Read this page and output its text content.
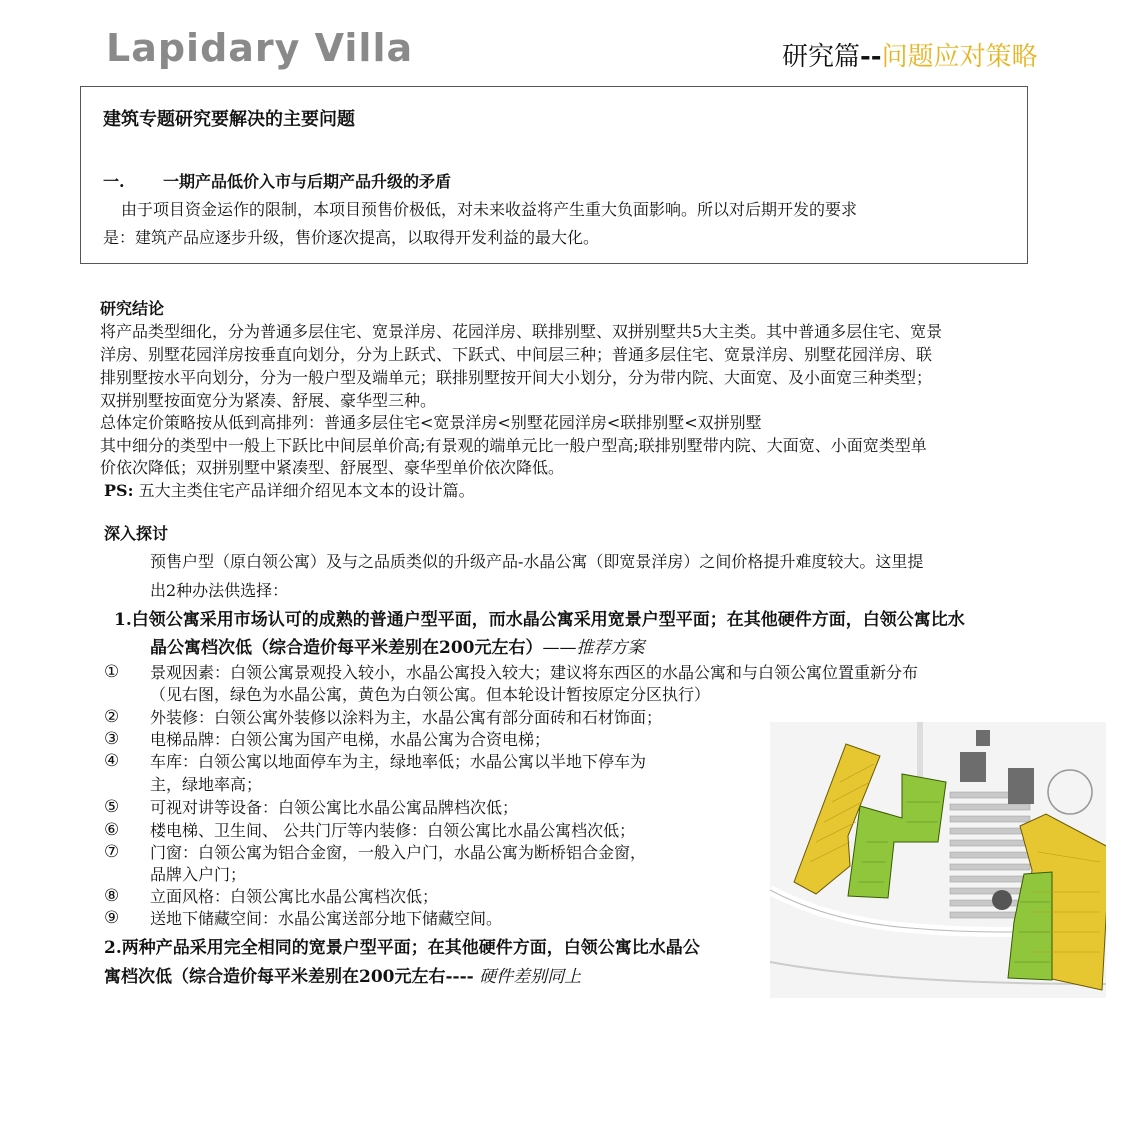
Lapidary Villa	研究篇--问题应对策略
建筑专题研究要解决的主要问题
一. 一期产品低价入市与后期产品升级的矛盾
由于项目资金运作的限制，本项目预售价极低，对未来收益将产生重大负面影响。所以对后期开发的要求
是：建筑产品应逐步升级，售价逐次提高，以取得开发利益的最大化。
研究结论
将产品类型细化，分为普通多层住宅、宽景洋房、花园洋房、联排别墅、双拼别墅共5大主类。其中普通多层住宅、宽景
洋房、别墅花园洋房按垂直向划分，分为上跃式、下跃式、中间层三种；普通多层住宅、宽景洋房、别墅花园洋房、联
排别墅按水平向划分，分为一般户型及端单元；联排别墅按开间大小划分，分为带内院、大面宽、及小面宽三种类型；
双拼别墅按面宽分为紧凑、舒展、豪华型三种。
总体定价策略按从低到高排列：普通多层住宅<宽景洋房<别墅花园洋房<联排别墅<双拼别墅
其中细分的类型中一般上下跃比中间层单价高;有景观的端单元比一般户型高;联排别墅带内院、大面宽、小面宽类型单
价依次降低；双拼别墅中紧凑型、舒展型、豪华型单价依次降低。
PS: 五大主类住宅产品详细介绍见本文本的设计篇。
深入探讨
预售户型（原白领公寓）及与之品质类似的升级产品-水晶公寓（即宽景洋房）之间价格提升难度较大。这里提
出2种办法供选择：
1.白领公寓采用市场认可的成熟的普通户型平面，而水晶公寓采用宽景户型平面；在其他硬件方面，白领公寓比水
晶公寓档次低（综合造价每平米差别在200元左右）——推荐方案
① 景观因素：白领公寓景观投入较小，水晶公寓投入较大；建议将东西区的水晶公寓和与白领公寓位置重新分布
（见右图，绿色为水晶公寓，黄色为白领公寓。但本轮设计暂按原定分区执行）
② 外装修：白领公寓外装修以涂料为主，水晶公寓有部分面砖和石材饰面；
③ 电梯品牌：白领公寓为国产电梯，水晶公寓为合资电梯；
④ 车库：白领公寓以地面停车为主，绿地率低；水晶公寓以半地下停车为
主，绿地率高；
⑤ 可视对讲等设备：白领公寓比水晶公寓品牌档次低；
⑥ 楼电梯、卫生间、 公共门厅等内装修：白领公寓比水晶公寓档次低；
⑦ 门窗：白领公寓为铝合金窗，一般入户门，水晶公寓为断桥铝合金窗，
品牌入户门；
⑧ 立面风格：白领公寓比水晶公寓档次低；
⑨ 送地下储藏空间：水晶公寓送部分地下储藏空间。
2.两种产品采用完全相同的宽景户型平面；在其他硬件方面，白领公寓比水晶公
寓档次低（综合造价每平米差别在200元左右---- 硬件差别同上
